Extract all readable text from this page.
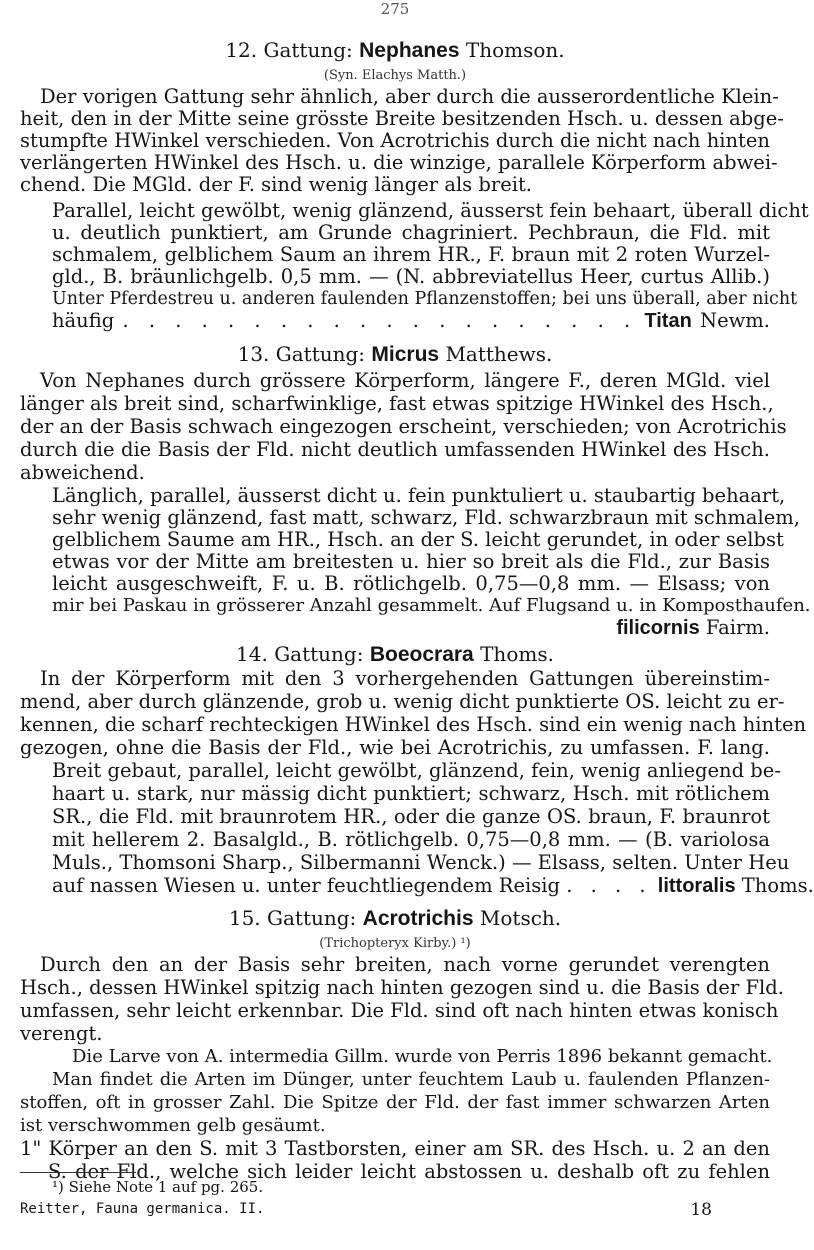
275
12. Gattung: Nephanes Thomson.
(Syn. Elachys Matth.)
Der vorigen Gattung sehr ähnlich, aber durch die ausserordentliche Klein-
heit, den in der Mitte seine grösste Breite besitzenden Hsch. u. dessen abge-
stumpfte HWinkel verschieden. Von Acrotrichis durch die nicht nach hinten
verlängerten HWinkel des Hsch. u. die winzige, parallele Körperform abwei-
chend. Die MGld. der F. sind wenig länger als breit.
Parallel, leicht gewölbt, wenig glänzend, äusserst fein behaart, überall dicht
u. deutlich punktiert, am Grunde chagriniert. Pechbraun, die Fld. mit
schmalem, gelblichem Saum an ihrem HR., F. braun mit 2 roten Wurzel-
gld., B. bräunlichgelb. 0,5 mm. — (N. abbreviatellus Heer, curtus Allib.)
Unter Pferdestreu u. anderen faulenden Pflanzenstoffen; bei uns überall, aber nicht
häufig . . . . . . . . . . . . . . . . . . . . Titan Newm.
13. Gattung: Micrus Matthews.
Von Nephanes durch grössere Körperform, längere F., deren MGld. viel
länger als breit sind, scharfwinklige, fast etwas spitzige HWinkel des Hsch.,
der an der Basis schwach eingezogen erscheint, verschieden; von Acrotrichis
durch die die Basis der Fld. nicht deutlich umfassenden HWinkel des Hsch.
abweichend.
Länglich, parallel, äusserst dicht u. fein punktuliert u. staubartig behaart,
sehr wenig glänzend, fast matt, schwarz, Fld. schwarzbraun mit schmalem,
gelblichem Saume am HR., Hsch. an der S. leicht gerundet, in oder selbst
etwas vor der Mitte am breitesten u. hier so breit als die Fld., zur Basis
leicht ausgeschweift, F. u. B. rötlichgelb. 0,75—0,8 mm. — Elsass; von
mir bei Paskau in grösserer Anzahl gesammelt. Auf Flugsand u. in Komposthaufen.
filicornis Fairm.
14. Gattung: Boeocrara Thoms.
In der Körperform mit den 3 vorhergehenden Gattungen übereinstim-
mend, aber durch glänzende, grob u. wenig dicht punktierte OS. leicht zu er-
kennen, die scharf rechteckigen HWinkel des Hsch. sind ein wenig nach hinten
gezogen, ohne die Basis der Fld., wie bei Acrotrichis, zu umfassen. F. lang.
Breit gebaut, parallel, leicht gewölbt, glänzend, fein, wenig anliegend be-
haart u. stark, nur mässig dicht punktiert; schwarz, Hsch. mit rötlichem
SR., die Fld. mit braunrotem HR., oder die ganze OS. braun, F. braunrot
mit hellerem 2. Basalgld., B. rötlichgelb. 0,75—0,8 mm. — (B. variolosa
Muls., Thomsoni Sharp., Silbermanni Wenck.) — Elsass, selten. Unter Heu
auf nassen Wiesen u. unter feuchtliegendem Reisig . . . . littoralis Thoms.
15. Gattung: Acrotrichis Motsch.
(Trichopteryx Kirby.) ¹)
Durch den an der Basis sehr breiten, nach vorne gerundet verengten
Hsch., dessen HWinkel spitzig nach hinten gezogen sind u. die Basis der Fld.
umfassen, sehr leicht erkennbar. Die Fld. sind oft nach hinten etwas konisch
verengt.
Die Larve von A. intermedia Gillm. wurde von Perris 1896 bekannt gemacht.
Man findet die Arten im Dünger, unter feuchtem Laub u. faulenden Pflanzen-
stoffen, oft in grosser Zahl. Die Spitze der Fld. der fast immer schwarzen Arten
ist verschwommen gelb gesäumt.
1" Körper an den S. mit 3 Tastborsten, einer am SR. des Hsch. u. 2 an den
S. der Fld., welche sich leider leicht abstossen u. deshalb oft zu fehlen
¹) Siehe Note 1 auf pg. 265.
Reitter, Fauna germanica. II.	18
